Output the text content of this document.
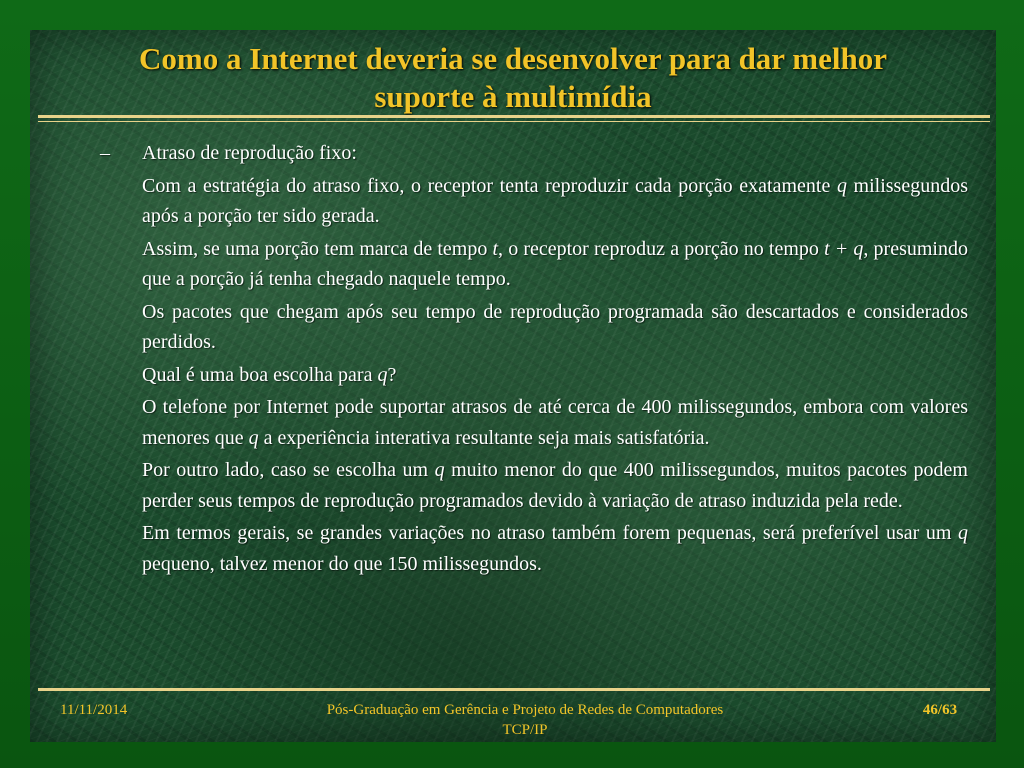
Como a Internet deveria se desenvolver para dar melhor
suporte à multimídia

– Atraso de reprodução fixo:

Com a estratégia do atraso fixo, o receptor tenta reproduzir cada porção exatamente q milissegundos após a porção ter sido gerada.

Assim, se uma porção tem marca de tempo t, o receptor reproduz a porção no tempo t + q, presumindo que a porção já tenha chegado naquele tempo.

Os pacotes que chegam após seu tempo de reprodução programada são descartados e considerados perdidos.

Qual é uma boa escolha para q?

O telefone por Internet pode suportar atrasos de até cerca de 400 milissegundos, embora com valores menores que q a experiência interativa resultante seja mais satisfatória.

Por outro lado, caso se escolha um q muito menor do que 400 milissegundos, muitos pacotes podem perder seus tempos de reprodução programados devido à variação de atraso induzida pela rede.

Em termos gerais, se grandes variações no atraso também forem pequenas, será preferível usar um q pequeno, talvez menor do que 150 milissegundos.

11/11/2014	Pós-Graduação em Gerência e Projeto de Redes de Computadores
TCP/IP
46/63
